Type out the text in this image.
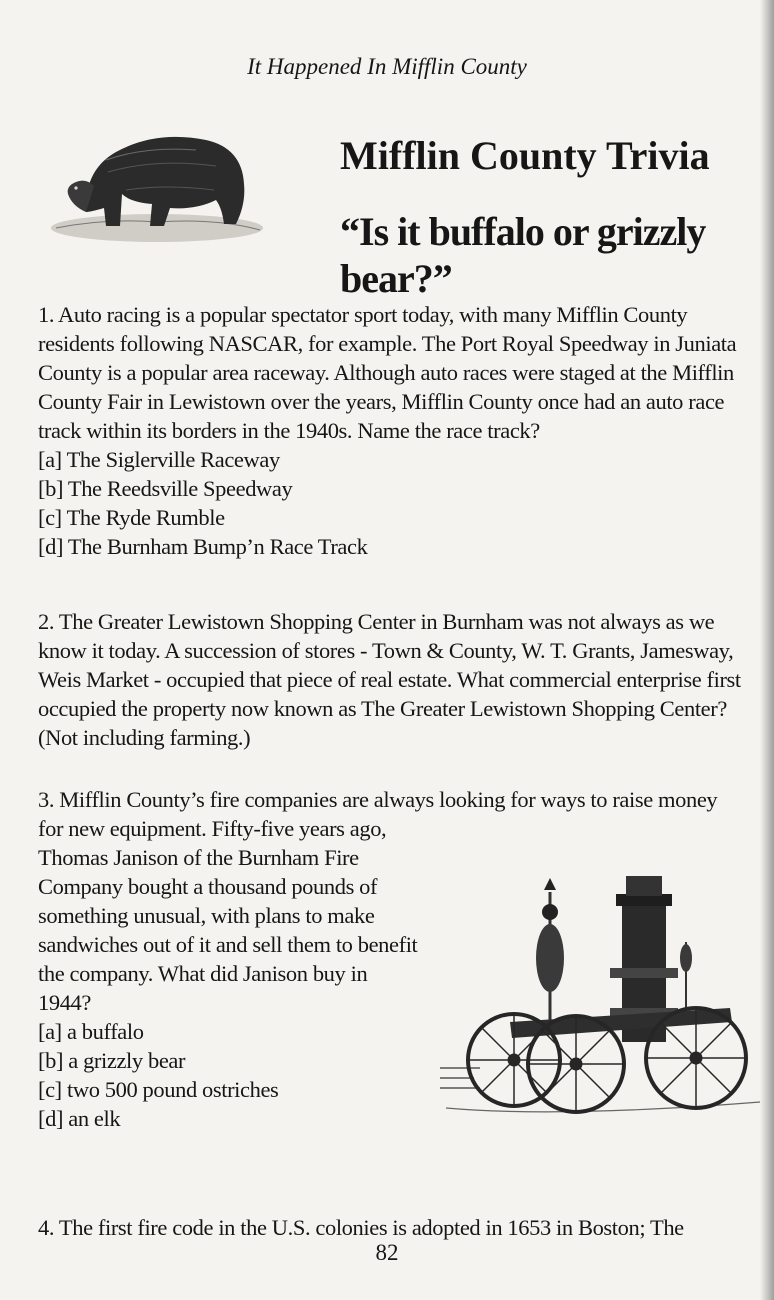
It Happened In Mifflin County
Mifflin County Trivia
“Is it buffalo or grizzly bear?”
1. Auto racing is a popular spectator sport today, with many Mifflin County residents following NASCAR, for example. The Port Royal Speedway in Juniata County is a popular area raceway. Although auto races were staged at the Mifflin County Fair in Lewistown over the years, Mifflin County once had an auto race track within its borders in the 1940s. Name the race track?
[a] The Siglerville Raceway
[b] The Reedsville Speedway
[c] The Ryde Rumble
[d] The Burnham Bump’n Race Track
2. The Greater Lewistown Shopping Center in Burnham was not always as we know it today. A succession of stores - Town & County, W. T. Grants, Jamesway, Weis Market - occupied that piece of real estate. What commercial enterprise first occupied the property now known as The Greater Lewistown Shopping Center? (Not including farming.)
3. Mifflin County’s fire companies are always looking for ways to raise money
for new equipment. Fifty-five years ago, Thomas Janison of the Burnham Fire Company bought a thousand pounds of something unusual, with plans to make sandwiches out of it and sell them to benefit the company. What did Janison buy in 1944?
[a] a buffalo
[b] a grizzly bear
[c] two 500 pound ostriches
[d] an elk
4. The first fire code in the U.S. colonies is adopted in 1653 in Boston; The
82
